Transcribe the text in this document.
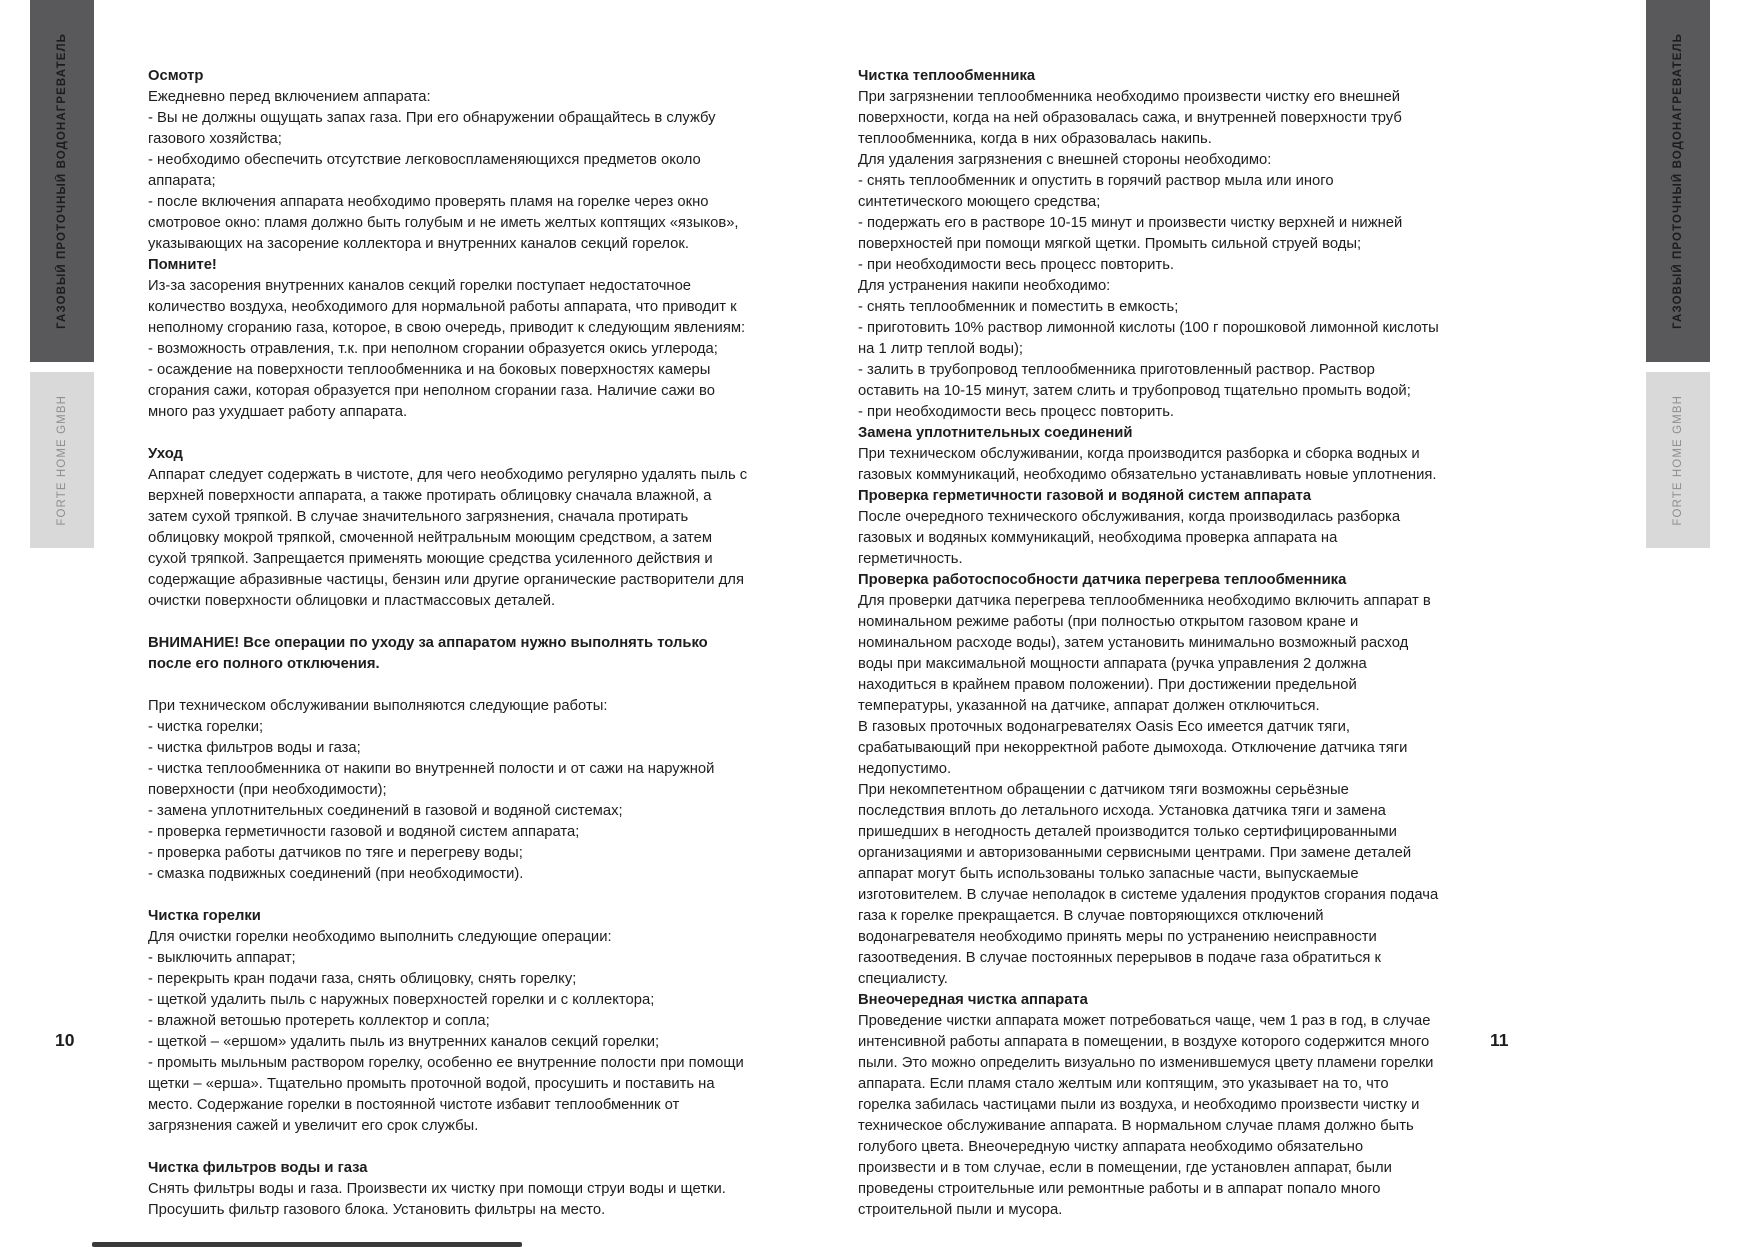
ГАЗОВЫЙ ПРОТОЧНЫЙ ВОДОНАГРЕВАТЕЛЬ
FORTE HOME GMBH
ГАЗОВЫЙ ПРОТОЧНЫЙ ВОДОНАГРЕВАТЕЛЬ
FORTE HOME GMBH
Осмотр
Ежедневно перед включением аппарата:
- Вы не должны ощущать запах газа. При его обнаружении обращайтесь в службу газового хозяйства;
- необходимо обеспечить отсутствие легковоспламеняющихся предметов около аппарата;
- после включения аппарата необходимо проверять пламя на горелке через окно смотровое окно: пламя должно быть голубым и не иметь желтых коптящих «языков», указывающих на засорение коллектора и внутренних каналов секций горелок.
Помните!
Из-за засорения внутренних каналов секций горелки поступает недостаточное количество воздуха, необходимого для нормальной работы аппарата, что приводит к неполному сгоранию газа, которое, в свою очередь, приводит к следующим явлениям:
- возможность отравления, т.к. при неполном сгорании образуется окись углерода;
- осаждение на поверхности теплообменника и на боковых поверхностях камеры сгорания сажи, которая образуется при неполном сгорании газа. Наличие сажи во много раз ухудшает работу аппарата.
Уход
Аппарат следует содержать в чистоте, для чего необходимо регулярно удалять пыль с верхней поверхности аппарата, а также протирать облицовку сначала влажной, а затем сухой тряпкой. В случае значительного загрязнения, сначала протирать облицовку мокрой тряпкой, смоченной нейтральным моющим средством, а затем сухой тряпкой. Запрещается применять моющие средства усиленного действия и содержащие абразивные частицы, бензин или другие органические растворители для очистки поверхности облицовки и пластмассовых деталей.
ВНИМАНИЕ! Все операции по уходу за аппаратом нужно выполнять только после его полного отключения.
При техническом обслуживании выполняются следующие работы:
- чистка горелки;
- чистка фильтров воды и газа;
- чистка теплообменника от накипи во внутренней полости и от сажи на наружной поверхности (при необходимости);
- замена уплотнительных соединений в газовой и водяной системах;
- проверка герметичности газовой и водяной систем аппарата;
- проверка работы датчиков по тяге и перегреву воды;
- смазка подвижных соединений (при необходимости).
Чистка горелки
Для очистки горелки необходимо выполнить следующие операции:
- выключить аппарат;
- перекрыть кран подачи газа, снять облицовку, снять горелку;
- щеткой удалить пыль с наружных поверхностей горелки и с коллектора;
- влажной ветошью протереть коллектор и сопла;
- щеткой – «ершом» удалить пыль из внутренних каналов секций горелки;
- промыть мыльным раствором горелку, особенно ее внутренние полости при помощи щетки – «ерша». Тщательно промыть проточной водой, просушить и поставить на место. Содержание горелки в постоянной чистоте избавит теплообменник от загрязнения сажей и увеличит его срок службы.
Чистка фильтров воды и газа
Снять фильтры воды и газа. Произвести их чистку при помощи струи воды и щетки. Просушить фильтр газового блока. Установить фильтры на место.
Чистка теплообменника
При загрязнении теплообменника необходимо произвести чистку его внешней поверхности, когда на ней образовалась сажа, и внутренней поверхности труб теплообменника, когда в них образовалась накипь.
Для удаления загрязнения с внешней стороны необходимо:
- снять теплообменник и опустить в горячий раствор мыла или иного синтетического моющего средства;
- подержать его в растворе 10-15 минут и произвести чистку верхней и нижней поверхностей при помощи мягкой щетки. Промыть сильной струей воды;
- при необходимости весь процесс повторить.
Для устранения накипи необходимо:
- снять теплообменник и поместить в емкость;
- приготовить 10% раствор лимонной кислоты (100 г порошковой лимонной кислоты на 1 литр теплой воды);
- залить в трубопровод теплообменника приготовленный раствор. Раствор оставить на 10-15 минут, затем слить и трубопровод тщательно промыть водой;
- при необходимости весь процесс повторить.
Замена уплотнительных соединений
При техническом обслуживании, когда производится разборка и сборка водных и газовых коммуникаций, необходимо обязательно устанавливать новые уплотнения.
Проверка герметичности газовой и водяной систем аппарата
После очередного технического обслуживания, когда производилась разборка газовых и водяных коммуникаций, необходима проверка аппарата на герметичность.
Проверка работоспособности датчика перегрева теплообменника
Для проверки датчика перегрева теплообменника необходимо включить аппарат в номинальном режиме работы (при полностью открытом газовом кране и номинальном расходе воды), затем установить минимально возможный расход воды при максимальной мощности аппарата (ручка управления 2 должна находиться в крайнем правом положении). При достижении предельной температуры, указанной на датчике, аппарат должен отключиться.
В газовых проточных водонагревателях Oasis Eco имеется датчик тяги, срабатывающий при некорректной работе дымохода. Отключение датчика тяги недопустимо.
При некомпетентном обращении с датчиком тяги возможны серьёзные последствия вплоть до летального исхода. Установка датчика тяги и замена пришедших в негодность деталей производится только сертифицированными организациями и авторизованными сервисными центрами. При замене деталей аппарат могут быть использованы только запасные части, выпускаемые изготовителем. В случае неполадок в системе удаления продуктов сгорания подача газа к горелке прекращается. В случае повторяющихся отключений водонагревателя необходимо принять меры по устранению неисправности газоотведения. В случае постоянных перерывов в подаче газа обратиться к специалисту.
Внеочередная чистка аппарата
Проведение чистки аппарата может потребоваться чаще, чем 1 раз в год, в случае интенсивной работы аппарата в помещении, в воздухе которого содержится много пыли. Это можно определить визуально по изменившемуся цвету пламени горелки аппарата. Если пламя стало желтым или коптящим, это указывает на то, что горелка забилась частицами пыли из воздуха, и необходимо произвести чистку и техническое обслуживание аппарата. В нормальном случае пламя должно быть голубого цвета. Внеочередную чистку аппарата необходимо обязательно произвести и в том случае, если в помещении, где установлен аппарат, были проведены строительные или ремонтные работы и в аппарат попало много строительной пыли и мусора.
10	11
